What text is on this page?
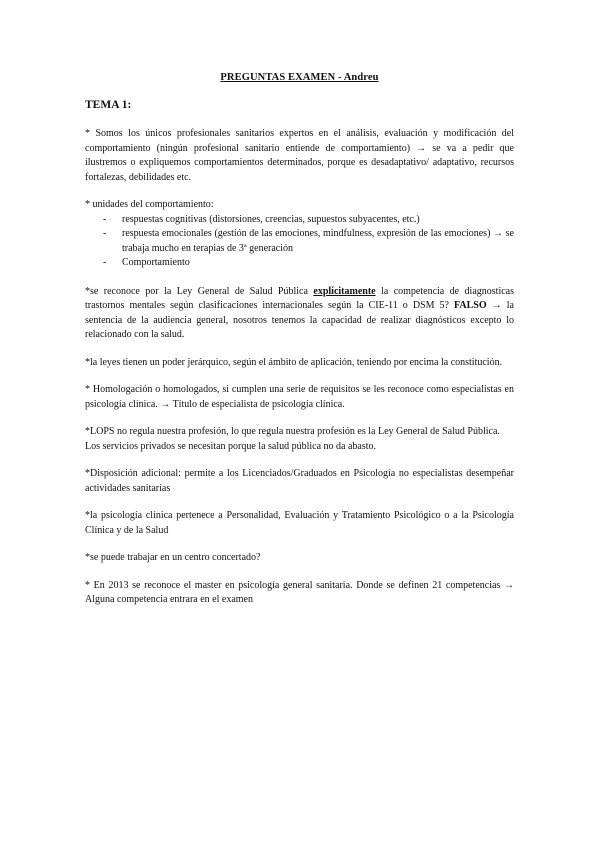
PREGUNTAS EXAMEN - Andreu
TEMA 1:

* Somos los únicos profesionales sanitarios expertos en el análisis, evaluación y modificación del comportamiento (ningún profesional sanitario entiende de comportamiento) → se va a pedir que ilustremos o expliquemos comportamientos determinados, porque es desadaptativo/ adaptativo, recursos fortalezas, debilidades etc.

* unidades del comportamiento:

- respuestas cognitivas (distorsiones, creencias, supuestos subyacentes, etc.)
- respuesta emocionales (gestión de las emociones, mindfulness, expresión de las emociones) → se trabaja mucho en terapias de 3ª generación
- Comportamiento

*se reconoce por la Ley General de Salud Pública explícitamente la competencia de diagnosticas trastornos mentales según clasificaciones internacionales según la CIE-11 o DSM 5? FALSO → la sentencia de la audiencia general, nosotros tenemos la capacidad de realizar diagnósticos excepto lo relacionado con la salud.

*la leyes tienen un poder jerárquico, según el ámbito de aplicación, teniendo por encima la constitución.

* Homologación o homologados, si cumplen una serie de requisitos se les reconoce como especialistas en psicología clínica. → Título de especialista de psicología clínica.

*LOPS no regula nuestra profesión, lo que regula nuestra profesión es la Ley General de Salud Pública.

Los servicios privados se necesitan porque la salud pública no da abasto.

*Disposición adicional: permite a los Licenciados/Graduados en Psicología no especialistas desempeñar actividades sanitarias

*la psicología clínica pertenece a Personalidad, Evaluación y Tratamiento Psicológico o a la Psicología Clínica y de la Salud

*se puede trabajar en un centro concertado?

* En 2013 se reconoce el master en psicología general sanitaria. Donde se definen 21 competencias → Alguna competencia entrara en el examen
